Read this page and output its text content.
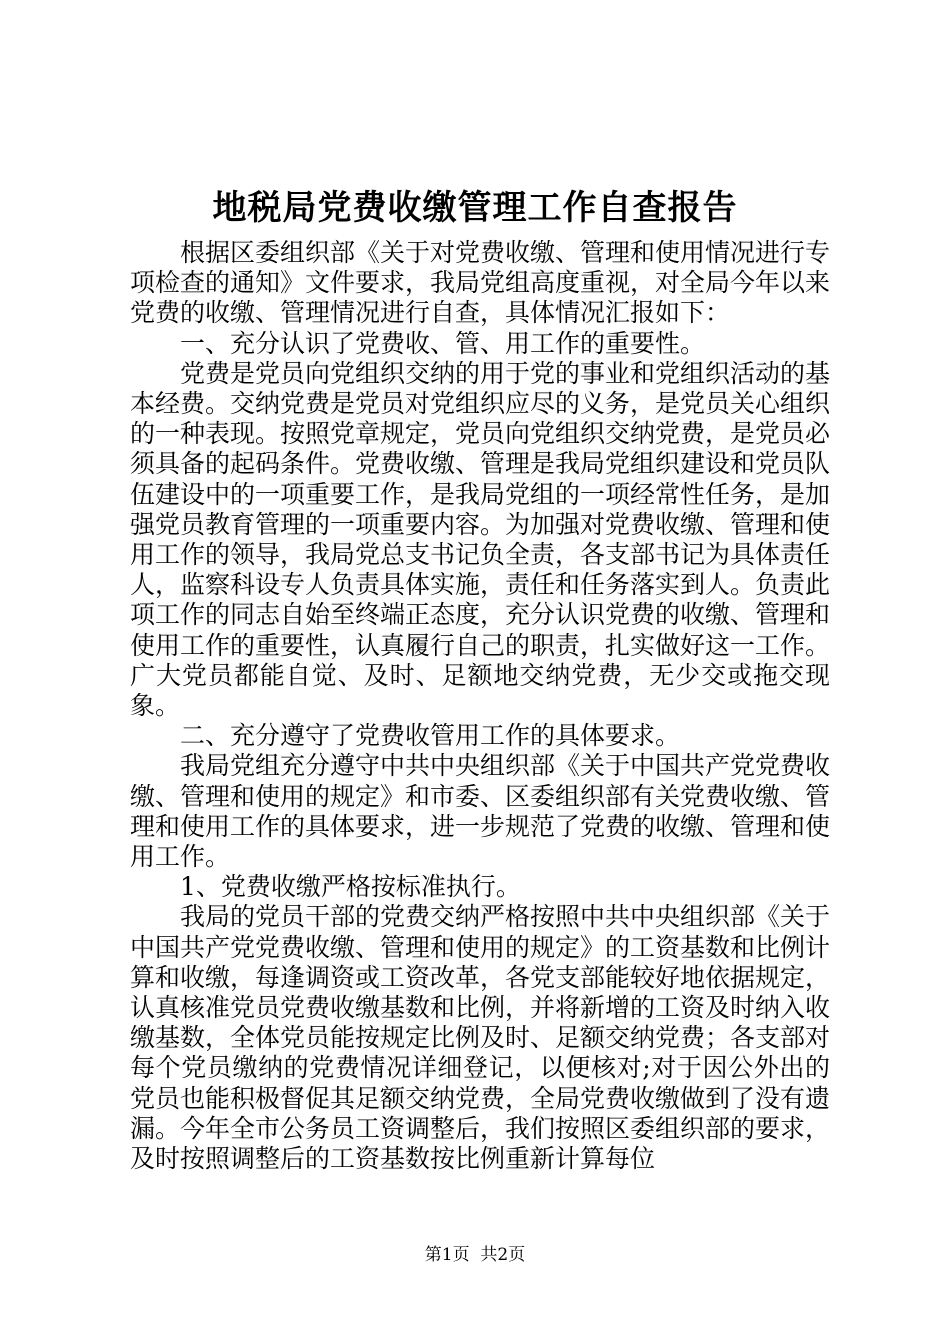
地税局党费收缴管理工作自查报告

根据区委组织部《关于对党费收缴、管理和使用情况进行专项检查的通知》文件要求，我局党组高度重视，对全局今年以来党费的收缴、管理情况进行自查，具体情况汇报如下：

一、充分认识了党费收、管、用工作的重要性。

党费是党员向党组织交纳的用于党的事业和党组织活动的基本经费。交纳党费是党员对党组织应尽的义务，是党员关心组织的一种表现。按照党章规定，党员向党组织交纳党费，是党员必须具备的起码条件。党费收缴、管理是我局党组织建设和党员队伍建设中的一项重要工作，是我局党组的一项经常性任务，是加强党员教育管理的一项重要内容。为加强对党费收缴、管理和使用工作的领导，我局党总支书记负全责，各支部书记为具体责任人，监察科设专人负责具体实施，责任和任务落实到人。负责此项工作的同志自始至终端正态度，充分认识党费的收缴、管理和使用工作的重要性，认真履行自己的职责，扎实做好这一工作。广大党员都能自觉、及时、足额地交纳党费，无少交或拖交现象。

二、充分遵守了党费收管用工作的具体要求。

我局党组充分遵守中共中央组织部《关于中国共产党党费收缴、管理和使用的规定》和市委、区委组织部有关党费收缴、管理和使用工作的具体要求，进一步规范了党费的收缴、管理和使用工作。

1、党费收缴严格按标准执行。

我局的党员干部的党费交纳严格按照中共中央组织部《关于中国共产党党费收缴、管理和使用的规定》的工资基数和比例计算和收缴，每逢调资或工资改革，各党支部能较好地依据规定，认真核准党员党费收缴基数和比例，并将新增的工资及时纳入收缴基数，全体党员能按规定比例及时、足额交纳党费；各支部对每个党员缴纳的党费情况详细登记，以便核对;对于因公外出的党员也能积极督促其足额交纳党费，全局党费收缴做到了没有遗漏。今年全市公务员工资调整后，我们按照区委组织部的要求，及时按照调整后的工资基数按比例重新计算每位

第1页 共2页
